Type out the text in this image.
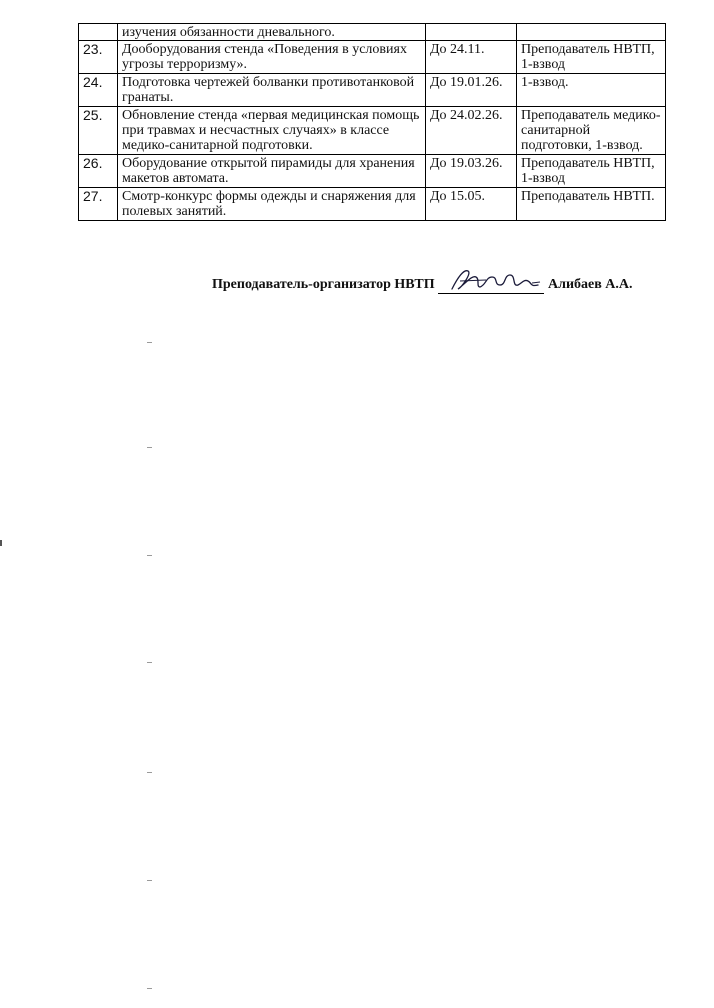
	изучения обязанности дневального.		
23.	Дооборудования стенда «Поведения в условиях угрозы терроризму».	До 24.11.	Преподаватель НВТП, 1-взвод
24.	Подготовка чертежей болванки противотанковой гранаты.	До 19.01.26.	1-взвод.
25.	Обновление стенда «первая медицинская помощь при травмах и несчастных случаях» в классе медико-санитарной подготовки.	До 24.02.26.	Преподаватель медико-санитарной подготовки, 1-взвод.
26.	Оборудование открытой пирамиды для хранения макетов автомата.	До 19.03.26.	Преподаватель НВТП, 1-взвод
27.	Смотр-конкурс формы одежды и снаряжения для полевых занятий.	До 15.05.	Преподаватель НВТП.
Преподаватель-организатор НВТП	Алибаев А.А.
